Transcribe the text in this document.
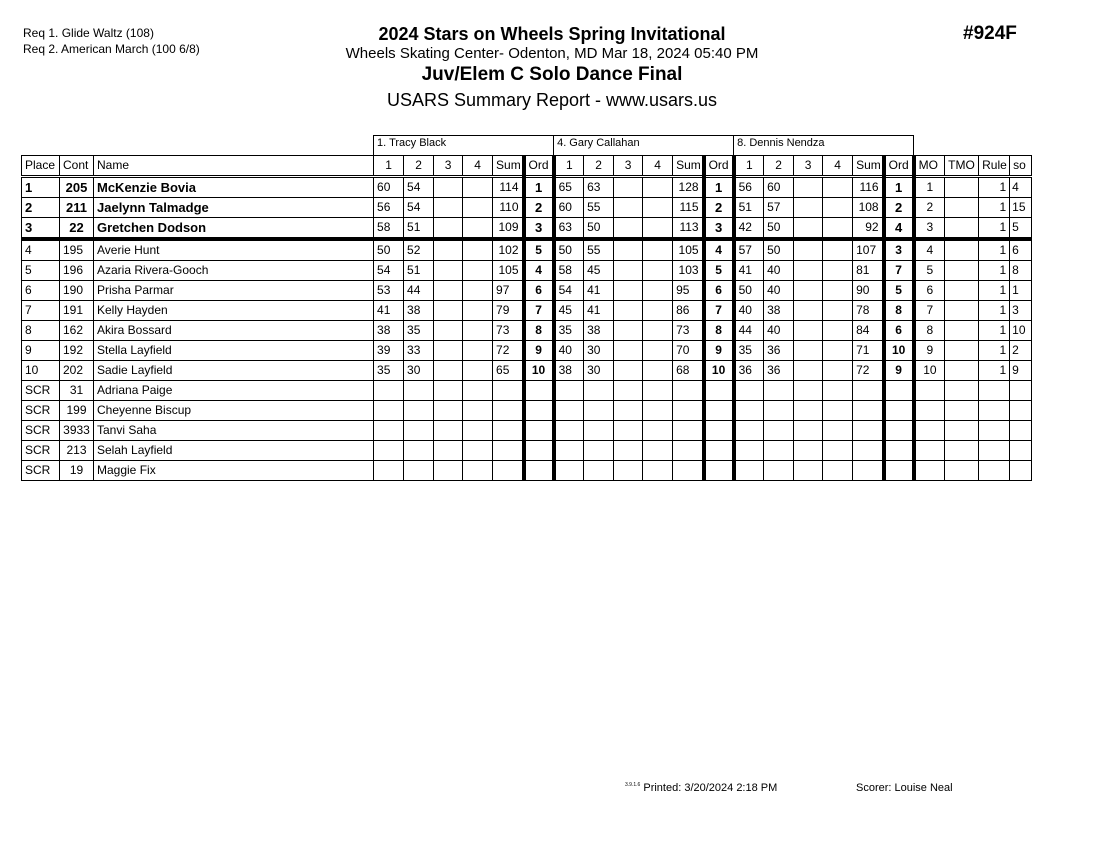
Req 1. Glide Waltz (108)
Req 2. American March (100 6/8)
2024 Stars on Wheels Spring Invitational
Wheels Skating Center- Odenton, MD Mar 18, 2024 05:40 PM
Juv/Elem C Solo Dance Final
USARS Summary Report - www.usars.us
#924F
			1. Tracy Black						4. Gary Callahan						8. Dennis Nendza									
Place	Cont	Name	1	2	3	4	Sum	Ord	1	2	3	4	Sum	Ord	1	2	3	4	Sum	Ord	MO	TMO	Rule	so
1	205	McKenzie Bovia	60	54			114	1	65	63			128	1	56	60			116	1	1		1	4
2	211	Jaelynn Talmadge	56	54			110	2	60	55			115	2	51	57			108	2	2		1	15
3	22	Gretchen Dodson	58	51			109	3	63	50			113	3	42	50			92	4	3		1	5
4	195	Averie Hunt	50	52			102	5	50	55			105	4	57	50			107	3	4		1	6
5	196	Azaria Rivera-Gooch	54	51			105	4	58	45			103	5	41	40			81	7	5		1	8
6	190	Prisha Parmar	53	44			97	6	54	41			95	6	50	40			90	5	6		1	1
7	191	Kelly Hayden	41	38			79	7	45	41			86	7	40	38			78	8	7		1	3
8	162	Akira Bossard	38	35			73	8	35	38			73	8	44	40			84	6	8		1	10
9	192	Stella Layfield	39	33			72	9	40	30			70	9	35	36			71	10	9		1	2
10	202	Sadie Layfield	35	30			65	10	38	30			68	10	36	36			72	9	10		1	9
SCR	31	Adriana Paige																						
SCR	199	Cheyenne Biscup																						
SCR	3933	Tanvi Saha																						
SCR	213	Selah Layfield																						
SCR	19	Maggie Fix																						
$^{3.9.1.6}$ Printed: 3/20/2024 2:18 PM	Scorer: Louise Neal
